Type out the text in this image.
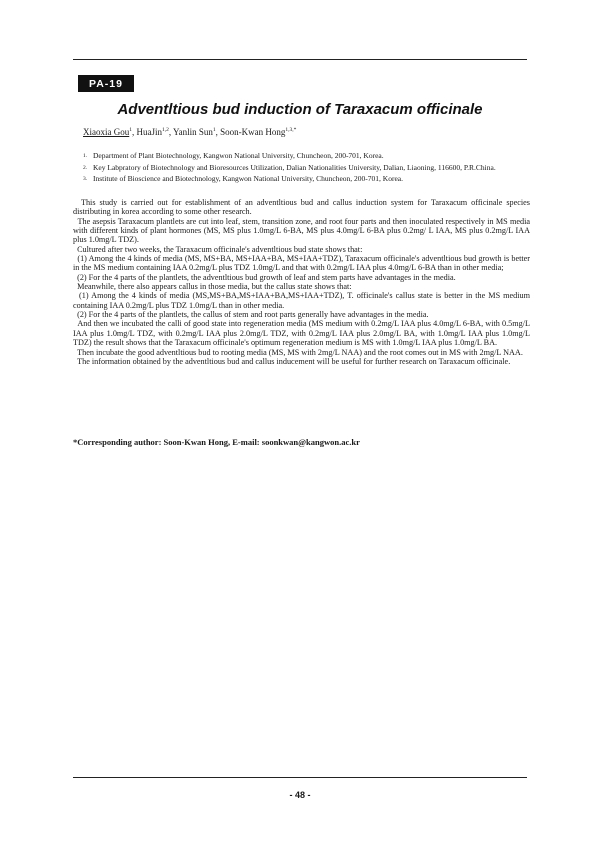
PA-19
Adventltious bud induction of Taraxacum officinale
Xiaoxia Gou$^1$, HuaJin$^{1,2}$, Yanlin Sun$^1$, Soon-Kwan Hong$^{1,3,*}$
1. Department of Plant Biotechnology, Kangwon National University, Chuncheon, 200-701, Korea.
2. Key Labpratory of Biotechnology and Bioresources Utilization, Dalian Nationalities University, Dalian, Liaoning, 116600, P.R.China.
3. Institute of Bioscience and Biotechnology, Kangwon National University, Chuncheon, 200-701, Korea.

This study is carried out for establishment of an adventltious bud and callus induction system for Taraxacum officinale species distributing in korea according to some other research.

The asepsis Taraxacum plantlets are cut into leaf, stem, transition zone, and root four parts and then inoculated respectively in MS media with different kinds of plant hormones (MS, MS plus 1.0mg/L 6-BA, MS plus 4.0mg/L 6-BA plus 0.2mg/ L IAA, MS plus 0.2mg/L IAA plus 1.0mg/L TDZ).

Cultured after two weeks, the Taraxacum officinale's adventltious bud state shows that:

(1) Among the 4 kinds of media (MS, MS+BA, MS+IAA+BA, MS+IAA+TDZ), Taraxacum officinale's adventltious bud growth is better in the MS medium containing IAA 0.2mg/L plus TDZ 1.0mg/L and that with 0.2mg/L IAA plus 4.0mg/L 6-BA than in other media;

(2) For the 4 parts of the plantlets, the adventltious bud growth of leaf and stem parts have advantages in the media.

Meanwhile, there also appears callus in those media, but the callus state shows that:

(1) Among the 4 kinds of media (MS,MS+BA,MS+IAA+BA,MS+IAA+TDZ), T. officinale's callus state is better in the MS medium containing IAA 0.2mg/L plus TDZ 1.0mg/L than in other media.

(2) For the 4 parts of the plantlets, the callus of stem and root parts generally have advantages in the media.

And then we incubated the calli of good state into regeneration media (MS medium with 0.2mg/L IAA plus 4.0mg/L 6-BA, with 0.5mg/L IAA plus 1.0mg/L TDZ, with 0.2mg/L IAA plus 2.0mg/L TDZ, with 0.2mg/L IAA plus 2.0mg/L BA, with 1.0mg/L IAA plus 1.0mg/L TDZ) the result shows that the Taraxacum officinale's optimum regeneration medium is MS with 1.0mg/L IAA plus 1.0mg/L BA.

Then incubate the good adventltious bud to rooting media (MS, MS with 2mg/L NAA) and the root comes out in MS with 2mg/L NAA.

The information obtained by the adventltious bud and callus inducement will be useful for further research on Taraxacum officinale.

*Corresponding author: Soon-Kwan Hong, E-mail: soonkwan@kangwon.ac.kr
- 48 -
